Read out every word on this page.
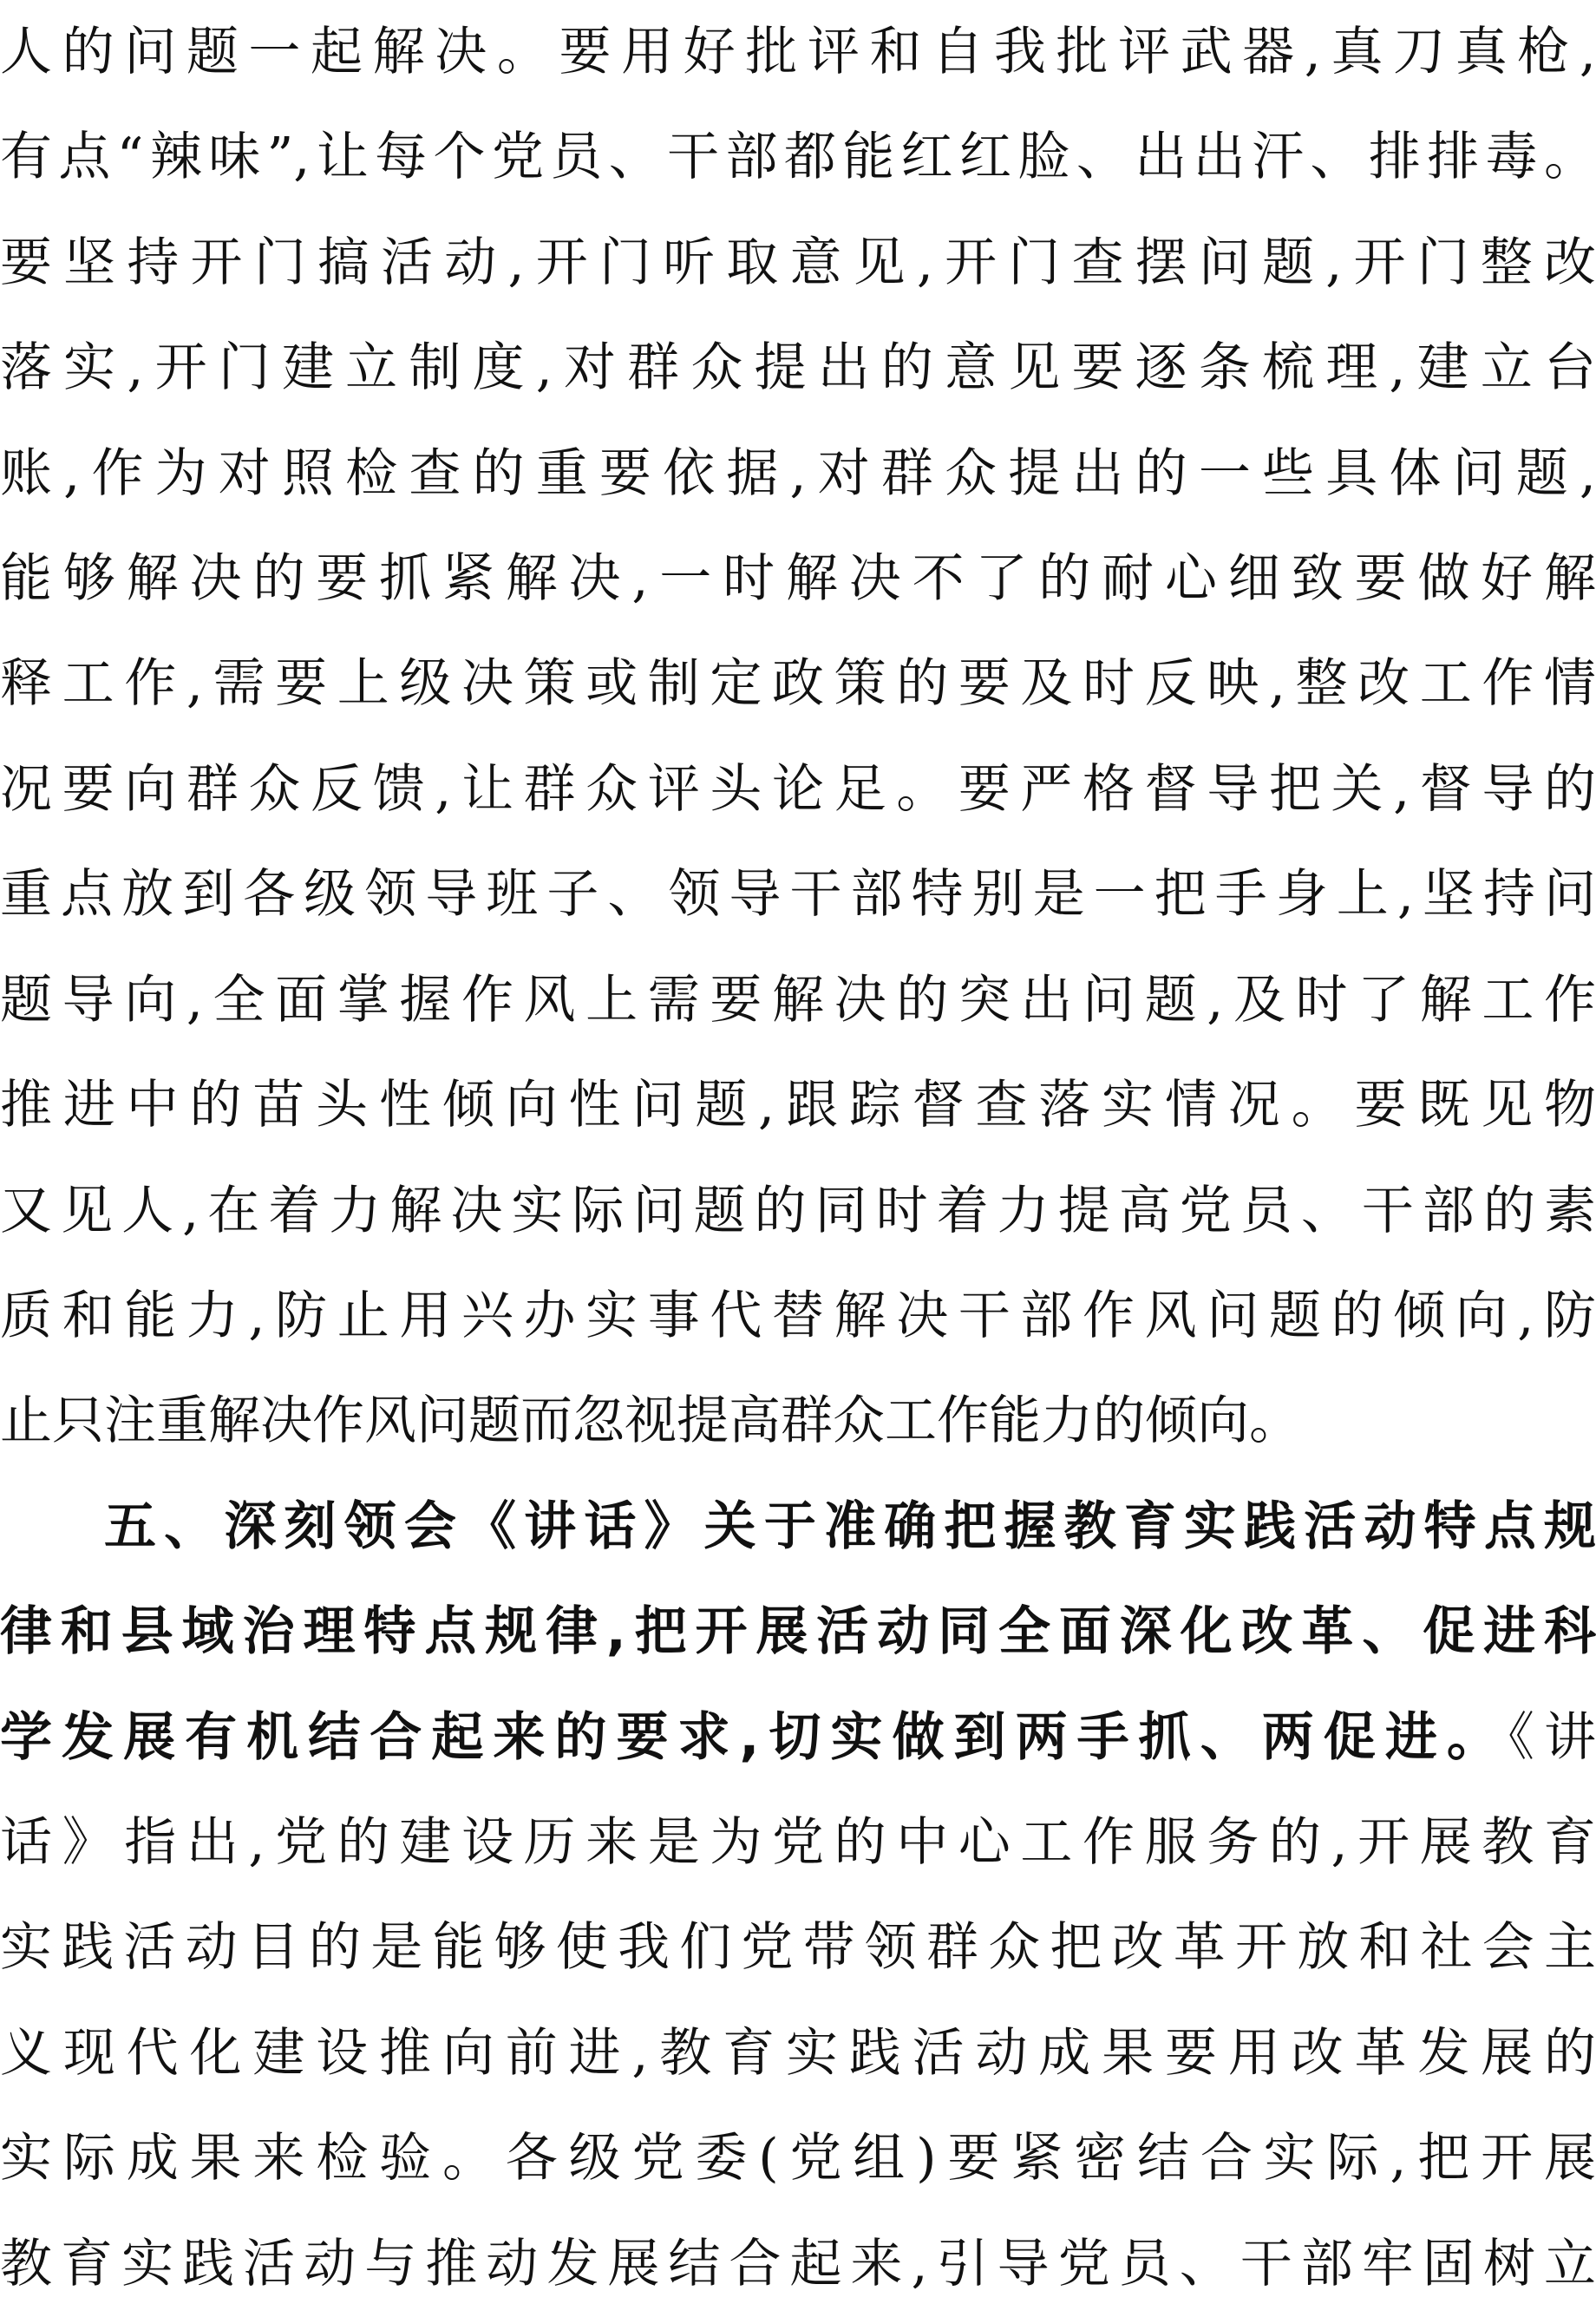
人的问题一起解决。要用好批评和自我批评武器,真刀真枪,

有点“辣味”,让每个党员、干部都能红红脸、出出汗、排排毒。

要坚持开门搞活动,开门听取意见,开门查摆问题,开门整改

落实,开门建立制度,对群众提出的意见要逐条梳理,建立台

账,作为对照检查的重要依据,对群众提出的一些具体问题,

能够解决的要抓紧解决,一时解决不了的耐心细致要做好解

释工作,需要上级决策或制定政策的要及时反映,整改工作情

况要向群众反馈,让群众评头论足。要严格督导把关,督导的

重点放到各级领导班子、领导干部特别是一把手身上,坚持问

题导向,全面掌握作风上需要解决的突出问题,及时了解工作

推进中的苗头性倾向性问题,跟踪督查落实情况。要既见物

又见人,在着力解决实际问题的同时着力提高党员、干部的素

质和能力,防止用兴办实事代替解决干部作风问题的倾向,防

止只注重解决作风问题而忽视提高群众工作能力的倾向。

五、深刻领会《讲话》关于准确把握教育实践活动特点规

律和县域治理特点规律,把开展活动同全面深化改革、促进科

学发展有机结合起来的要求,切实做到两手抓、两促进。《讲

话》指出,党的建设历来是为党的中心工作服务的,开展教育

实践活动目的是能够使我们党带领群众把改革开放和社会主

义现代化建设推向前进,教育实践活动成果要用改革发展的

实际成果来检验。各级党委(党组)要紧密结合实际,把开展

教育实践活动与推动发展结合起来,引导党员、干部牢固树立
